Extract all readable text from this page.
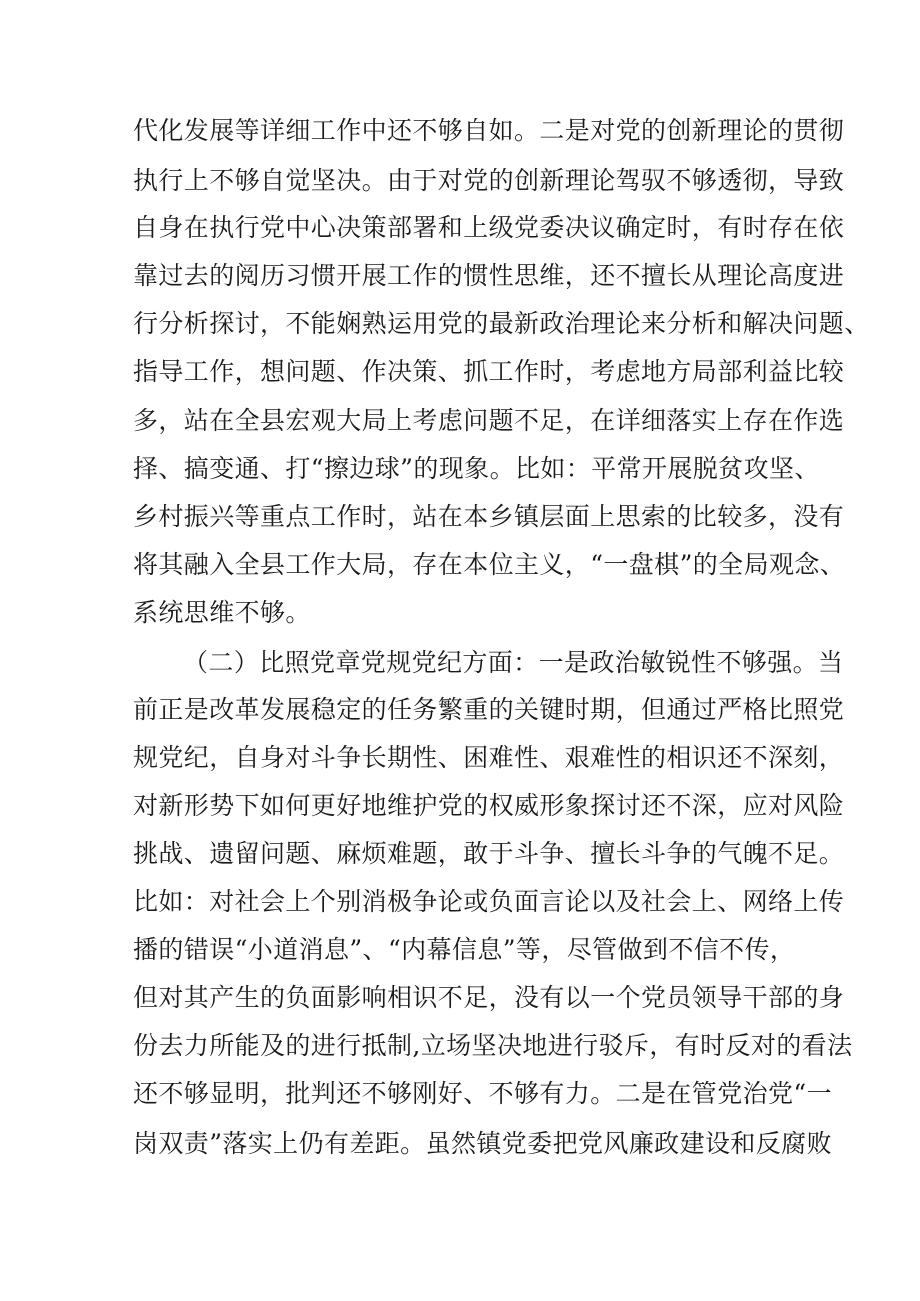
代化发展等详细工作中还不够自如。二是对党的创新理论的贯彻
执行上不够自觉坚决。由于对党的创新理论驾驭不够透彻，导致
自身在执行党中心决策部署和上级党委决议确定时，有时存在依
靠过去的阅历习惯开展工作的惯性思维，还不擅长从理论高度进
行分析探讨，不能娴熟运用党的最新政治理论来分析和解决问题、
指导工作，想问题、作决策、抓工作时，考虑地方局部利益比较
多，站在全县宏观大局上考虑问题不足，在详细落实上存在作选
择、搞变通、打“擦边球”的现象。比如：平常开展脱贫攻坚、
乡村振兴等重点工作时，站在本乡镇层面上思索的比较多，没有
将其融入全县工作大局，存在本位主义，“一盘棋”的全局观念、
系统思维不够。
（二）比照党章党规党纪方面：一是政治敏锐性不够强。当
前正是改革发展稳定的任务繁重的关键时期，但通过严格比照党
规党纪，自身对斗争长期性、困难性、艰难性的相识还不深刻，
对新形势下如何更好地维护党的权威形象探讨还不深，应对风险
挑战、遗留问题、麻烦难题，敢于斗争、擅长斗争的气魄不足。
比如：对社会上个别消极争论或负面言论以及社会上、网络上传
播的错误“小道消息”、“内幕信息”等，尽管做到不信不传，
但对其产生的负面影响相识不足，没有以一个党员领导干部的身
份去力所能及的进行抵制,立场坚决地进行驳斥，有时反对的看法
还不够显明，批判还不够刚好、不够有力。二是在管党治党“一
岗双责”落实上仍有差距。虽然镇党委把党风廉政建设和反腐败
